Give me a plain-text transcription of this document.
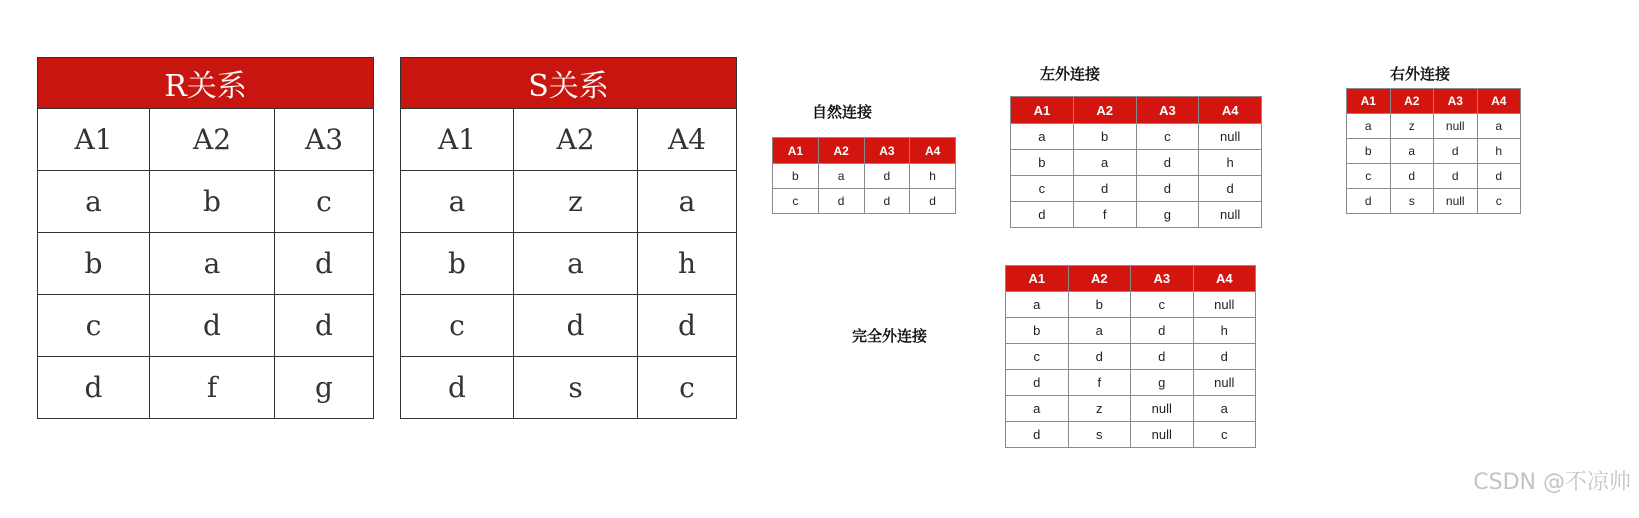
R关系		
A1	A2	A3
a	b	c
b	a	d
c	d	d
d	f	g
S关系		
A1	A2	A4
a	z	a
b	a	h
c	d	d
d	s	c
自然连接
左外连接	右外连接
完全外连接
A1	A2	A3	A4
b	a	d	h
c	d	d	d
A1	A2	A3	A4
a	b	c	null
b	a	d	h
c	d	d	d
d	f	g	null
A1	A2	A3	A4
a	z	null	a
b	a	d	h
c	d	d	d
d	s	null	c
A1	A2	A3	A4
a	b	c	null
b	a	d	h
c	d	d	d
d	f	g	null
a	z	null	a
d	s	null	c
CSDN @不凉帅
